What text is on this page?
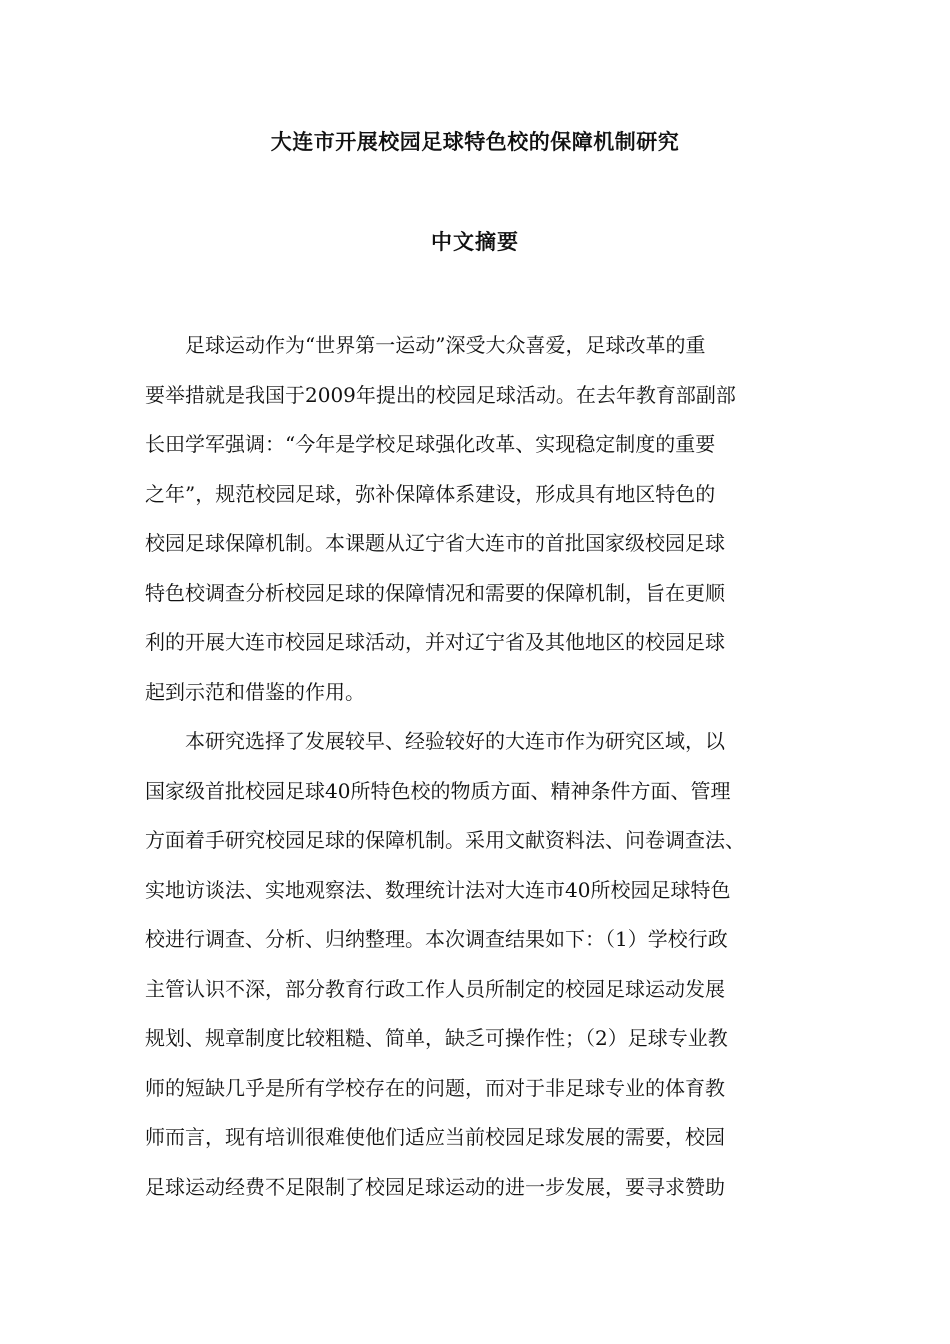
大连市开展校园足球特色校的保障机制研究
中文摘要
足球运动作为“世界第一运动”深受大众喜爱，足球改革的重
要举措就是我国于2009年提出的校园足球活动。在去年教育部副部
长田学军强调：“今年是学校足球强化改革、实现稳定制度的重要
之年”，规范校园足球，弥补保障体系建设，形成具有地区特色的
校园足球保障机制。本课题从辽宁省大连市的首批国家级校园足球
特色校调查分析校园足球的保障情况和需要的保障机制，旨在更顺
利的开展大连市校园足球活动，并对辽宁省及其他地区的校园足球
起到示范和借鉴的作用。
本研究选择了发展较早、经验较好的大连市作为研究区域，以
国家级首批校园足球40所特色校的物质方面、精神条件方面、管理
方面着手研究校园足球的保障机制。采用文献资料法、问卷调查法、
实地访谈法、实地观察法、数理统计法对大连市40所校园足球特色
校进行调查、分析、归纳整理。本次调查结果如下：（1）学校行政
主管认识不深，部分教育行政工作人员所制定的校园足球运动发展
规划、规章制度比较粗糙、简单，缺乏可操作性；（2）足球专业教
师的短缺几乎是所有学校存在的问题，而对于非足球专业的体育教
师而言，现有培训很难使他们适应当前校园足球发展的需要，校园
足球运动经费不足限制了校园足球运动的进一步发展，要寻求赞助
